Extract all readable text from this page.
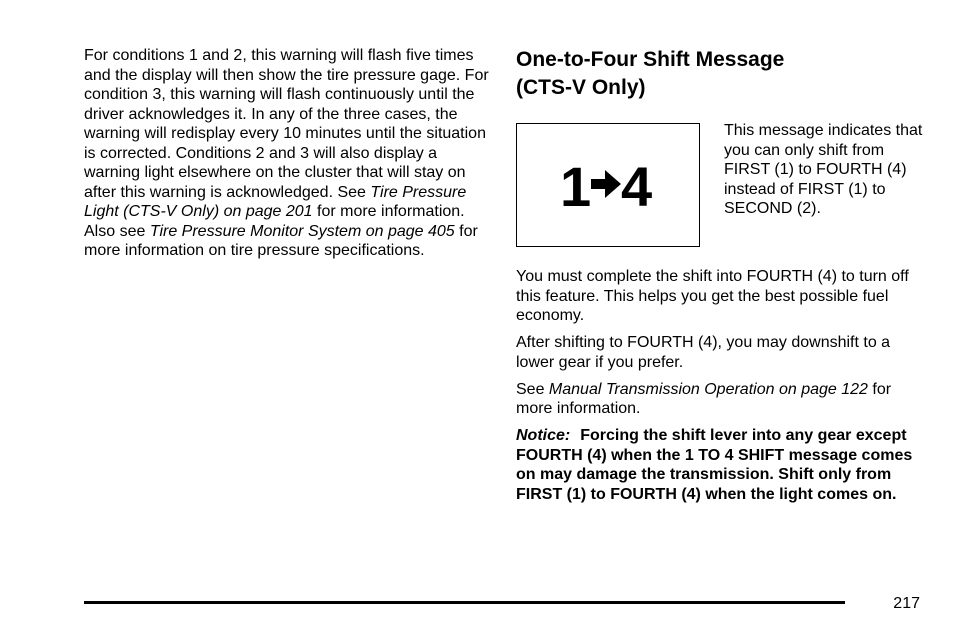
For conditions 1 and 2, this warning will flash five times and the display will then show the tire pressure gage. For condition 3, this warning will flash continuously until the driver acknowledges it. In any of the three cases, the warning will redisplay every 10 minutes until the situation is corrected. Conditions 2 and 3 will also display a warning light elsewhere on the cluster that will stay on after this warning is acknowledged. See Tire Pressure Light (CTS-V Only) on page 201 for more information. Also see Tire Pressure Monitor System on page 405 for more information on tire pressure specifications.

One-to-Four Shift Message
(CTS-V Only)
1 4

This message indicates that you can only shift from FIRST (1) to FOURTH (4) instead of FIRST (1) to SECOND (2).

You must complete the shift into FOURTH (4) to turn off this feature. This helps you get the best possible fuel economy.

After shifting to FOURTH (4), you may downshift to a lower gear if you prefer.

See Manual Transmission Operation on page 122 for more information.

Notice: Forcing the shift lever into any gear except FOURTH (4) when the 1 TO 4 SHIFT message comes on may damage the transmission. Shift only from FIRST (1) to FOURTH (4) when the light comes on.

217
